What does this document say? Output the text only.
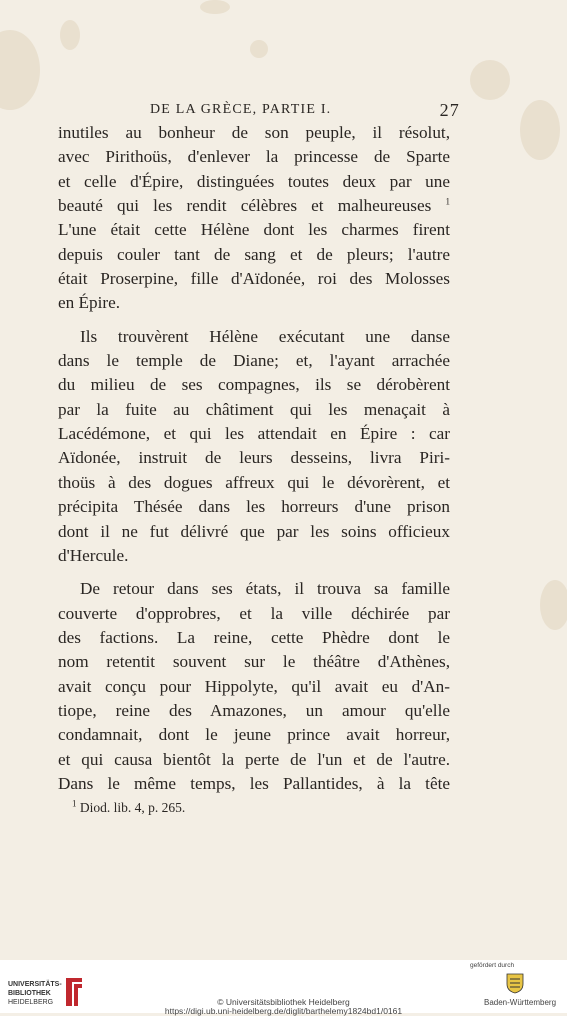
DE LA GRÈCE, PARTIE I.	27
inutiles au bonheur de son peuple, il résolut,
avec Pirithoüs, d'enlever la princesse de Sparte
et celle d'Épire, distinguées toutes deux par une
beauté qui les rendit célèbres et malheureuses $^1$
L'une était cette Hélène dont les charmes firent
depuis couler tant de sang et de pleurs; l'autre
était Proserpine, fille d'Aïdonée, roi des Molosses
en Épire.
Ils trouvèrent Hélène exécutant une danse
dans le temple de Diane; et, l'ayant arrachée
du milieu de ses compagnes, ils se dérobèrent
par la fuite au châtiment qui les menaçait à
Lacédémone, et qui les attendait en Épire : car
Aïdonée, instruit de leurs desseins, livra Piri-
thoüs à des dogues affreux qui le dévorèrent, et
précipita Thésée dans les horreurs d'une prison
dont il ne fut délivré que par les soins officieux
d'Hercule.
De retour dans ses états, il trouva sa famille
couverte d'opprobres, et la ville déchirée par
des factions. La reine, cette Phèdre dont le
nom retentit souvent sur le théâtre d'Athènes,
avait conçu pour Hippolyte, qu'il avait eu d'An-
tiope, reine des Amazones, un amour qu'elle
condamnait, dont le jeune prince avait horreur,
et qui causa bientôt la perte de l'un et de l'autre.
Dans le même temps, les Pallantides, à la tête
$^1$ Diod. lib. 4, p. 265.
UNIVERSITÄTS-
BIBLIOTHEK
HEIDELBERG	© Universitätsbibliothek Heidelberg
https://digi.ub.uni-heidelberg.de/diglit/barthelemy1824bd1/0161
gefördert durch
Baden-Württemberg
